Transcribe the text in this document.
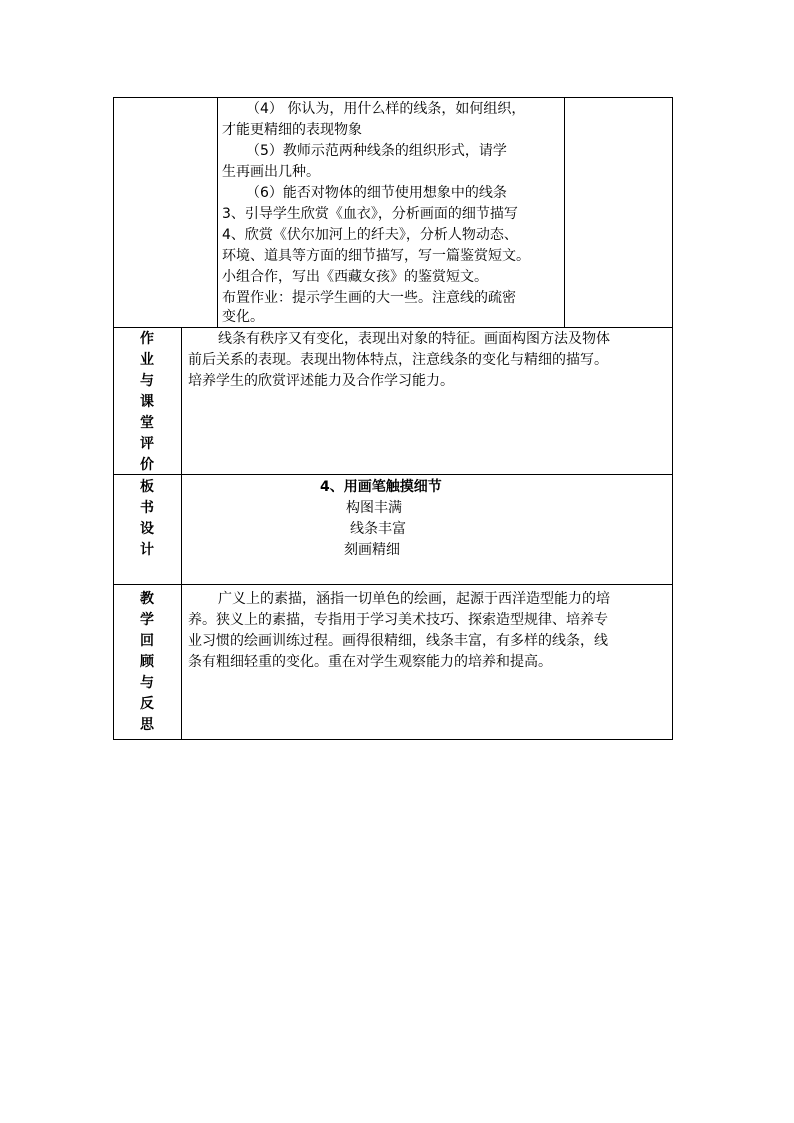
（4） 你认为，用什么样的线条，如何组织，
才能更精细的表现物象
（5）教师示范两种线条的组织形式，请学
生再画出几种。
（6）能否对物体的细节使用想象中的线条
3、引导学生欣赏《血衣》，分析画面的细节描写
4、欣赏《伏尔加河上的纤夫》，分析人物动态、
环境、道具等方面的细节描写，写一篇鉴赏短文。
小组合作，写出《西藏女孩》的鉴赏短文。
布置作业：提示学生画的大一些。注意线的疏密
变化。
作业与课堂评价
线条有秩序又有变化，表现出对象的特征。画面构图方法及物体
前后关系的表现。表现出物体特点，注意线条的变化与精细的描写。
培养学生的欣赏评述能力及合作学习能力。
板书设计
4、用画笔触摸细节
构图丰满
线条丰富
刻画精细
教学回顾与反思
广义上的素描，涵指一切单色的绘画，起源于西洋造型能力的培
养。狭义上的素描，专指用于学习美术技巧、探索造型规律、培养专
业习惯的绘画训练过程。画得很精细，线条丰富，有多样的线条，线
条有粗细轻重的变化。重在对学生观察能力的培养和提高。
